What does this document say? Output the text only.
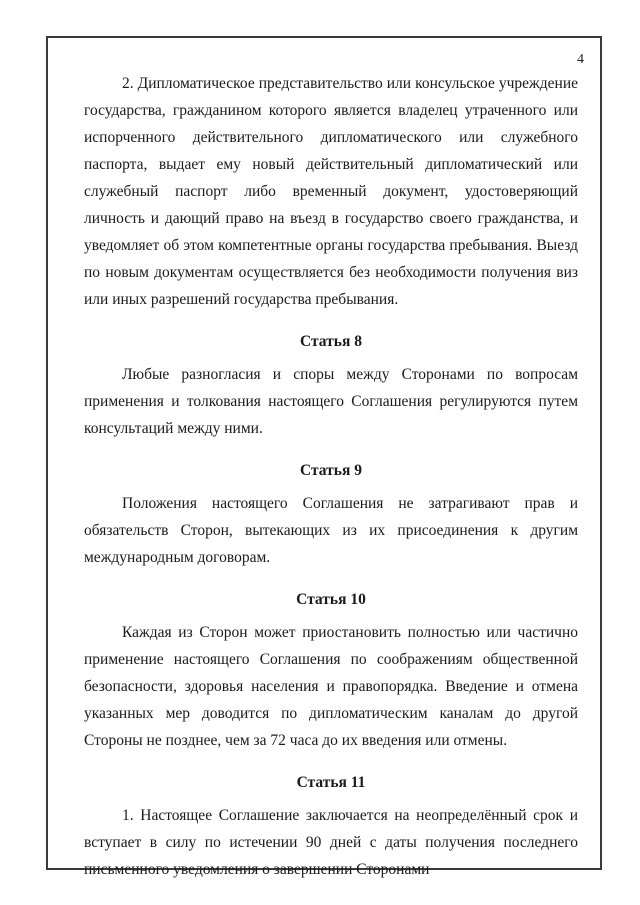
4

2. Дипломатическое представительство или консульское учреждение государства, гражданином которого является владелец утраченного или испорченного действительного дипломатического или служебного паспорта, выдает ему новый действительный дипломатический или служебный паспорт либо временный документ, удостоверяющий личность и дающий право на въезд в государство своего гражданства, и уведомляет об этом компетентные органы государства пребывания. Выезд по новым документам осуществляется без необходимости получения виз или иных разрешений государства пребывания.

Статья 8

Любые разногласия и споры между Сторонами по вопросам применения и толкования настоящего Соглашения регулируются путем консультаций между ними.

Статья 9

Положения настоящего Соглашения не затрагивают прав и обязательств Сторон, вытекающих из их присоединения к другим международным договорам.

Статья 10

Каждая из Сторон может приостановить полностью или частично применение настоящего Соглашения по соображениям общественной безопасности, здоровья населения и правопорядка. Введение и отмена указанных мер доводится по дипломатическим каналам до другой Стороны не позднее, чем за 72 часа до их введения или отмены.

Статья 11

1. Настоящее Соглашение заключается на неопределённый срок и вступает в силу по истечении 90 дней с даты получения последнего письменного уведомления о завершении Сторонами
